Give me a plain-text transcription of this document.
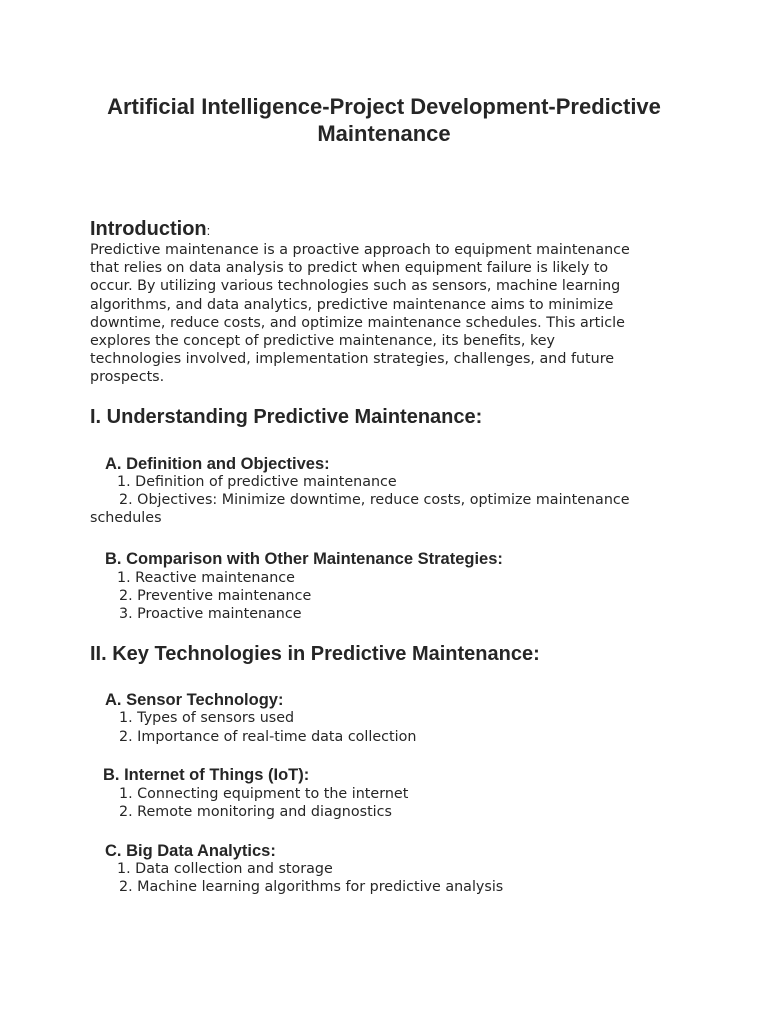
Artificial Intelligence-Project Development-Predictive Maintenance
Introduction:
Predictive maintenance is a proactive approach to equipment maintenance
that relies on data analysis to predict when equipment failure is likely to
occur. By utilizing various technologies such as sensors, machine learning
algorithms, and data analytics, predictive maintenance aims to minimize
downtime, reduce costs, and optimize maintenance schedules. This article
explores the concept of predictive maintenance, its benefits, key
technologies involved, implementation strategies, challenges, and future
prospects.
I. Understanding Predictive Maintenance:
A. Definition and Objectives:
1. Definition of predictive maintenance
2. Objectives: Minimize downtime, reduce costs, optimize maintenance
schedules
B. Comparison with Other Maintenance Strategies:
1. Reactive maintenance
2. Preventive maintenance
3. Proactive maintenance
II. Key Technologies in Predictive Maintenance:
A. Sensor Technology:
1. Types of sensors used
2. Importance of real-time data collection
B. Internet of Things (IoT):
1. Connecting equipment to the internet
2. Remote monitoring and diagnostics
C. Big Data Analytics:
1. Data collection and storage
2. Machine learning algorithms for predictive analysis
